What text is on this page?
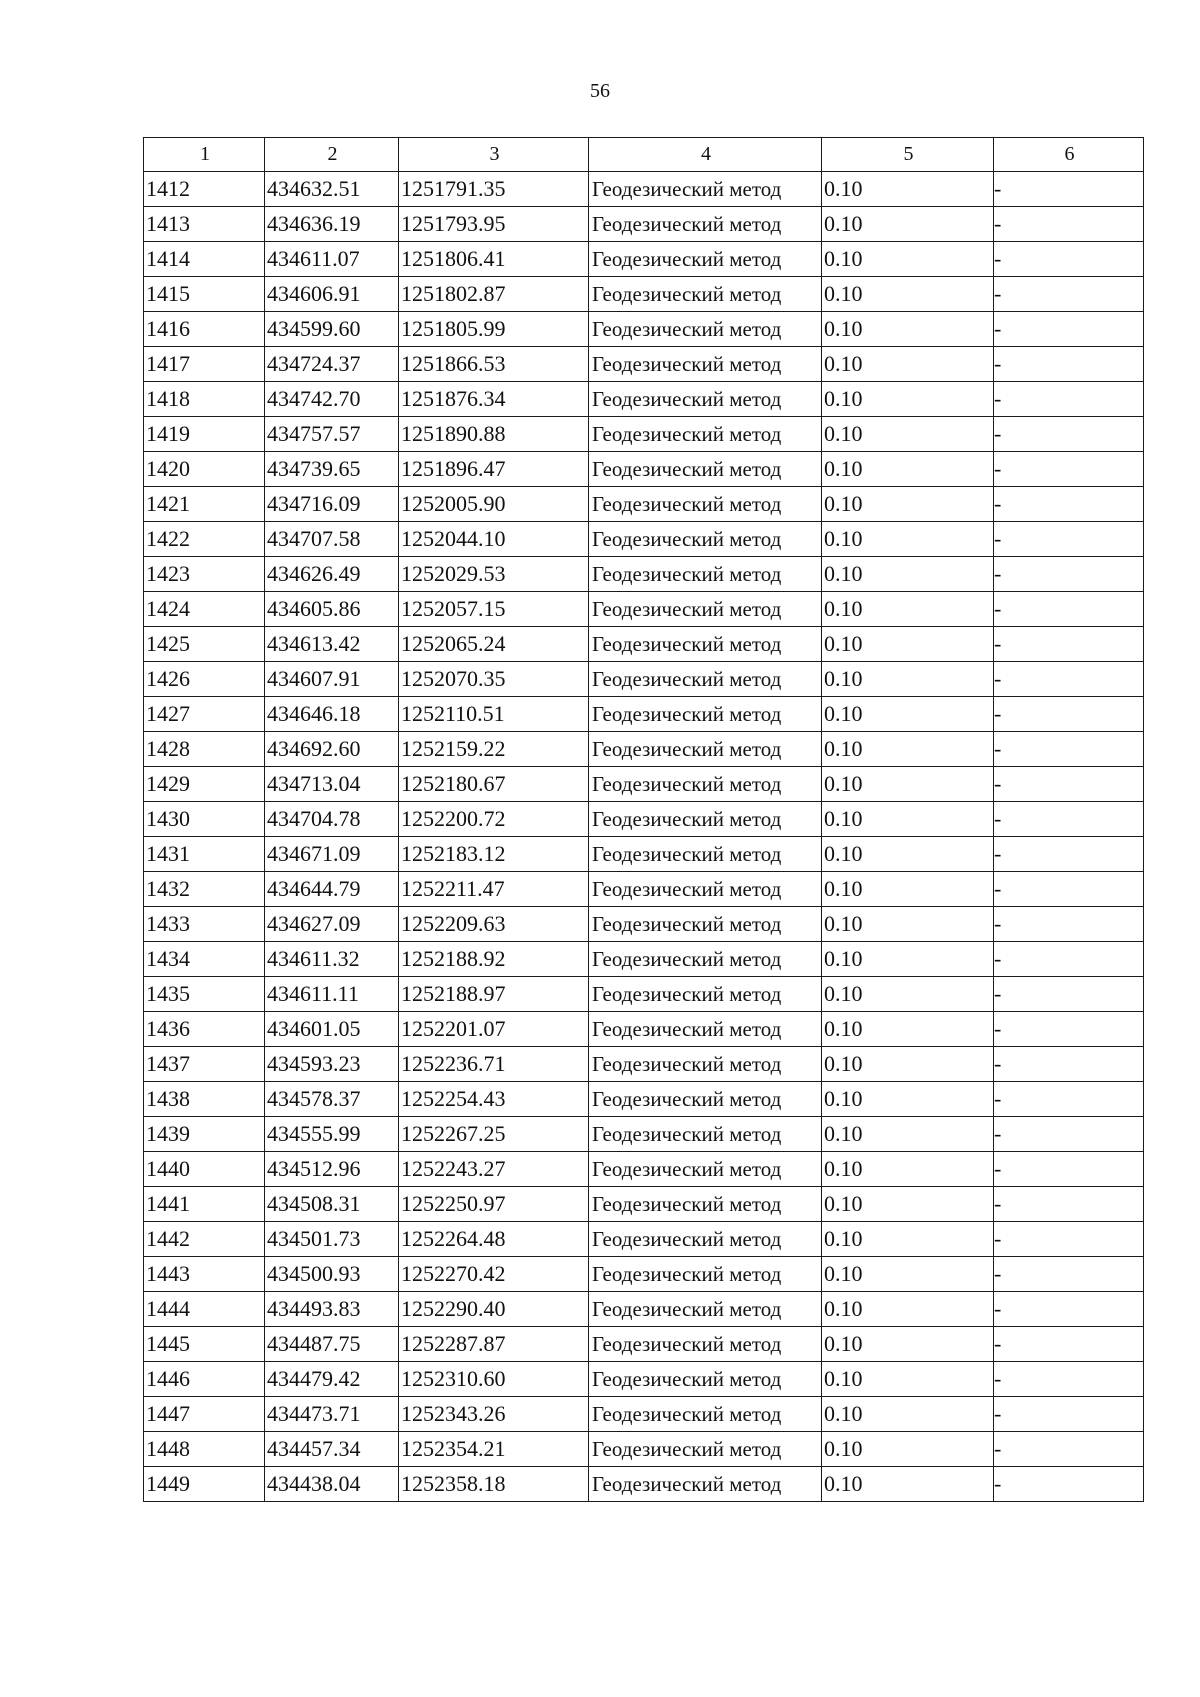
56
1	2	3	4	5	6
1412	434632.51	1251791.35	Геодезический метод	0.10	-
1413	434636.19	1251793.95	Геодезический метод	0.10	-
1414	434611.07	1251806.41	Геодезический метод	0.10	-
1415	434606.91	1251802.87	Геодезический метод	0.10	-
1416	434599.60	1251805.99	Геодезический метод	0.10	-
1417	434724.37	1251866.53	Геодезический метод	0.10	-
1418	434742.70	1251876.34	Геодезический метод	0.10	-
1419	434757.57	1251890.88	Геодезический метод	0.10	-
1420	434739.65	1251896.47	Геодезический метод	0.10	-
1421	434716.09	1252005.90	Геодезический метод	0.10	-
1422	434707.58	1252044.10	Геодезический метод	0.10	-
1423	434626.49	1252029.53	Геодезический метод	0.10	-
1424	434605.86	1252057.15	Геодезический метод	0.10	-
1425	434613.42	1252065.24	Геодезический метод	0.10	-
1426	434607.91	1252070.35	Геодезический метод	0.10	-
1427	434646.18	1252110.51	Геодезический метод	0.10	-
1428	434692.60	1252159.22	Геодезический метод	0.10	-
1429	434713.04	1252180.67	Геодезический метод	0.10	-
1430	434704.78	1252200.72	Геодезический метод	0.10	-
1431	434671.09	1252183.12	Геодезический метод	0.10	-
1432	434644.79	1252211.47	Геодезический метод	0.10	-
1433	434627.09	1252209.63	Геодезический метод	0.10	-
1434	434611.32	1252188.92	Геодезический метод	0.10	-
1435	434611.11	1252188.97	Геодезический метод	0.10	-
1436	434601.05	1252201.07	Геодезический метод	0.10	-
1437	434593.23	1252236.71	Геодезический метод	0.10	-
1438	434578.37	1252254.43	Геодезический метод	0.10	-
1439	434555.99	1252267.25	Геодезический метод	0.10	-
1440	434512.96	1252243.27	Геодезический метод	0.10	-
1441	434508.31	1252250.97	Геодезический метод	0.10	-
1442	434501.73	1252264.48	Геодезический метод	0.10	-
1443	434500.93	1252270.42	Геодезический метод	0.10	-
1444	434493.83	1252290.40	Геодезический метод	0.10	-
1445	434487.75	1252287.87	Геодезический метод	0.10	-
1446	434479.42	1252310.60	Геодезический метод	0.10	-
1447	434473.71	1252343.26	Геодезический метод	0.10	-
1448	434457.34	1252354.21	Геодезический метод	0.10	-
1449	434438.04	1252358.18	Геодезический метод	0.10	-
